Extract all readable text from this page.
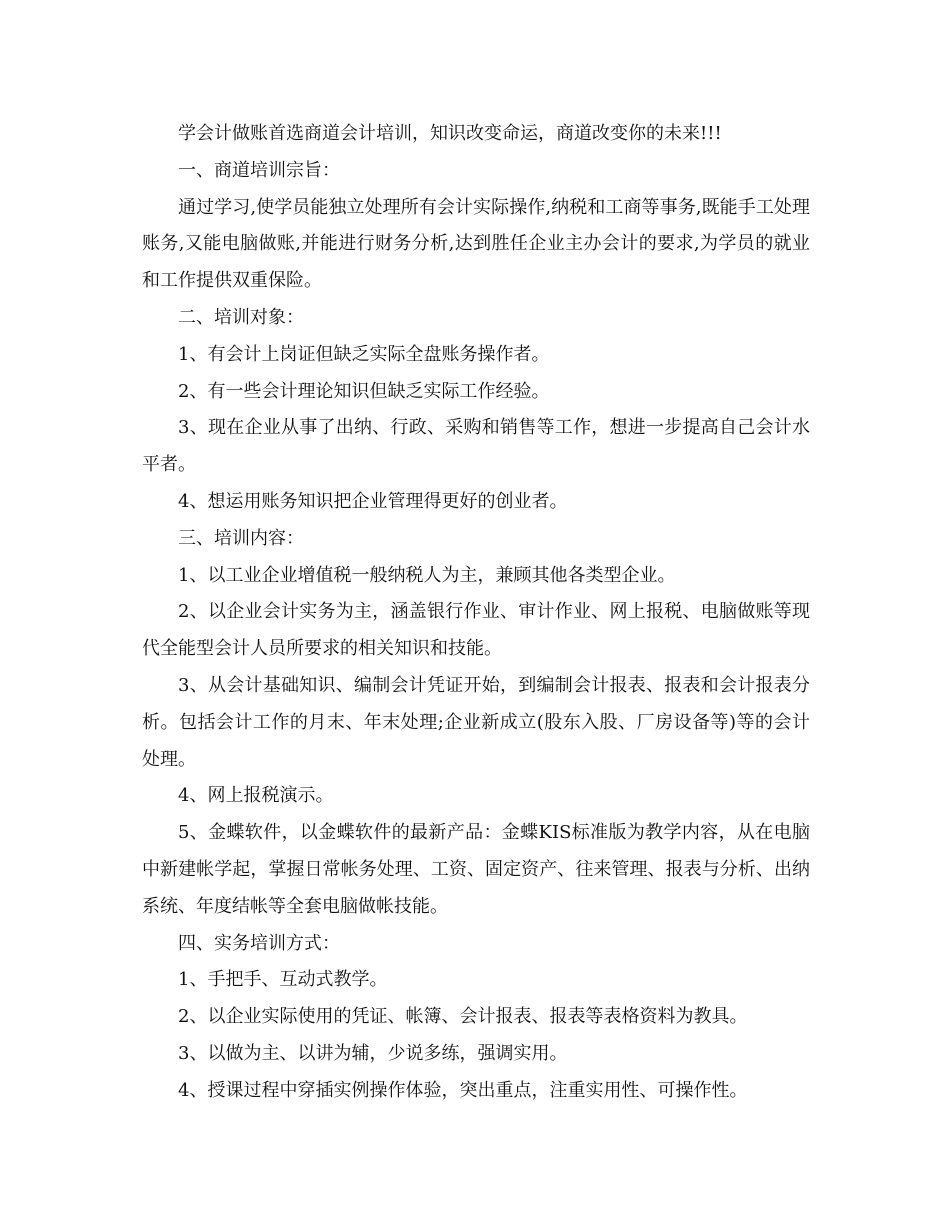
学会计做账首选商道会计培训，知识改变命运，商道改变你的未来!!!

一、商道培训宗旨：

通过学习,使学员能独立处理所有会计实际操作,纳税和工商等事务,既能手工处理账务,又能电脑做账,并能进行财务分析,达到胜任企业主办会计的要求,为学员的就业和工作提供双重保险。

二、培训对象：

1、有会计上岗证但缺乏实际全盘账务操作者。

2、有一些会计理论知识但缺乏实际工作经验。

3、现在企业从事了出纳、行政、采购和销售等工作，想进一步提高自己会计水平者。

4、想运用账务知识把企业管理得更好的创业者。

三、培训内容：

1、以工业企业增值税一般纳税人为主，兼顾其他各类型企业。

2、以企业会计实务为主，涵盖银行作业、审计作业、网上报税、电脑做账等现代全能型会计人员所要求的相关知识和技能。

3、从会计基础知识、编制会计凭证开始，到编制会计报表、报表和会计报表分析。包括会计工作的月末、年末处理;企业新成立(股东入股、厂房设备等)等的会计处理。

4、网上报税演示。

5、金蝶软件，以金蝶软件的最新产品：金蝶KIS标准版为教学内容，从在电脑中新建帐学起，掌握日常帐务处理、工资、固定资产、往来管理、报表与分析、出纳系统、年度结帐等全套电脑做帐技能。

四、实务培训方式：

1、手把手、互动式教学。

2、以企业实际使用的凭证、帐簿、会计报表、报表等表格资料为教具。

3、以做为主、以讲为辅，少说多练，强调实用。

4、授课过程中穿插实例操作体验，突出重点，注重实用性、可操作性。
